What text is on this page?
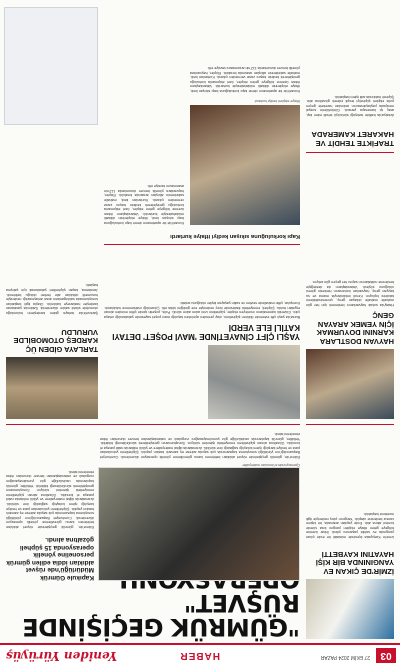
03
27 EKİM 2024 PAZAR
HABER
Yeniden Yürüyüş
İZMİR'DE ÇIKAN EV YANGININDA BİR KİŞİ HAYATINI KAYBETTİ
İzmir'in Karşıyaka ilçesinde müstakil bir evde çıkan yangında ev sahibi yaşamını yitirdi. İhbar üzerine bölgeye gelen itfaiye ekipleri yangını kısa sürede kontrol altına aldı. Evde yapılan aramada, bir kişinin cansız bedenine ulaşıldı. Yangının çıkış nedeniyle ilgili inceleme başlatıldı.
HAYVAN DOSTLARA KARNINI DOYURMAK İÇİN YEMEK ARAYAN GENÇ
Hatay'da sokak hayvanlarını beslemek için her gün mahalle mahalle dolaşan genç, çevresindekilerin takdirini topluyor. Kendi imkânlarıyla mama ve su taşıyan genç, hayvanları korumanın herkesin görevi olduğunu söyledi. Vatandaşların da desteğiyle beslenme noktalarının sayısı her geçen gün artıyor.
TRAFİKTE TEHDİT VE HAKARET KAMERADA
Antalya'da trafikte tartıştığı sürücüyü tehdit eden kişi, araç içi kameraya yansıdı. Görüntülerin sosyal medyada paylaşılmasının ardından harekete geçen polis ekipleri şüpheliyi tespit ederek gözaltına aldı. Şüpheli hakkında adli işlem başlatıldı.
"GÜMRÜK GEÇİŞİNDE RÜŞVET"
Kapıkule Gümrük Müdürlüğü'nde rüşvet aldıkları iddia edilen gümrük personeline yönelik operasyonda 15 şüpheli gözaltına alındı.
Operasyonda el konulan materyaller
Edirne'de, gümrük geçişlerinde rüşvet aldıkları belirlenen kamu görevlilerine yönelik operasyon düzenlendi. Cumhuriyet Başsavcılığı'nın yürüttüğü soruşturma kapsamında çok sayıda adrese eş zamanlı baskın yapıldı. Şüphelilerin yolculardan para ve hediye karşılığı işlem kolaylığı sağladığı öne sürüldü. Aramalarda dijital materyallere ve yüklü miktarda nakit paraya el konuldu. Gözaltına alınan şüphelilerin emniyetteki işlemleri sürüyor. Soruşturmanın genişletilerek sürdürüleceği bildirildi. Yetkililer, gümrük kapılarında usulsüzlüğe göz yumulmayacağını vurguladı ve vatandaşlardan benzer durumları ihbar etmelerini istedi.
Edirne'de, gümrük geçişlerinde rüşvet aldıkları belirlenen kamu görevlilerine yönelik operasyon düzenlendi. Cumhuriyet Başsavcılığı'nın yürüttüğü soruşturma kapsamında çok sayıda adrese eş zamanlı baskın yapıldı. Şüphelilerin yolculardan para ve hediye karşılığı işlem kolaylığı sağladığı öne sürüldü. Aramalarda dijital materyallere ve yüklü miktarda nakit paraya el konuldu. Gözaltına alınan şüphelilerin emniyetteki işlemleri sürüyor. Soruşturmanın genişletilerek sürdürüleceği bildirildi. Yetkililer, gümrük kapılarında usulsüzlüğe göz yumulmayacağını vurguladı ve vatandaşlardan benzer durumları ihbar etmelerini istedi.
YAŞLI ÇİFT CİNAYETİNDE 'MAVİ POŞET' DETAYI KATİLİ ELE VERDİ
Bursa'da yaşlı çifti evlerinde öldüren şüphelinin, olay yerinden ayrılırken taşıdığı mavi poşet sayesinde yakalandığı ortaya çıktı. Güvenlik kameralarını inceleyen ekipler, şüphelinin izini adım adım sürdü. Polis, poşetin içinde çiftin evinden alınan eşyaları buldu. Şüpheli, emniyetteki ifadesinde borç nedeniyle eve girdiğini iddia etti. Çıkarıldığı mahkemece tutuklandı. Komşular, çiftin mahallede sevilen ve sakin yaşayan kişiler olduğunu anlattı.
TARLAYA GİDEN ÜÇ KARDEŞ OTOMOBİLDE VURULDU
Şanlıurfa'da tarlaya giden kardeşlerin bulunduğu otomobile silahlı saldırı düzenlendi. Saldırıda yaralanan kardeşler hastaneye kaldırıldı. Olayla ilgili başlatılan soruşturmada saldırganların arazi anlaşmazlığı nedeniyle husumetli oldukları aile fertleri olduğu belirlendi. Jandarma, kaçan şüphelileri yakalamak için çalışma başlattı.
Kapı korkuluğuna sıkışan kediyi itfaiye kurtardı
İtfaiye ekipleri kediyi kurtardı
Kocaeli'de bir apartmanın demir kapı korkuluğuna başı sıkışan kedi, itfaiye ekiplerinin dikkatli müdahalesiyle kurtarıldı. Vatandaşların ihbarı üzerine bölgeye gelen ekipler, özel ekipmanla korkuluğu genişleterek kedinin başını zarar vermeden çıkardı. Kurtarılan kedi, mahalle sakinlerinin alkışları arasında bırakıldı. Ekipler, hayvanlara yönelik benzer durumlarda 112'nin aranmasını tavsiye etti.
Kocaeli'de bir apartmanın demir kapı korkuluğuna başı sıkışan kedi, itfaiye ekiplerinin dikkatli müdahalesiyle kurtarıldı. Vatandaşların ihbarı üzerine bölgeye gelen ekipler, özel ekipmanla korkuluğu genişleterek kedinin başını zarar vermeden çıkardı. Kurtarılan kedi, mahalle sakinlerinin alkışları arasında bırakıldı. Ekipler, hayvanlara yönelik benzer durumlarda 112'nin aranmasını tavsiye etti.
